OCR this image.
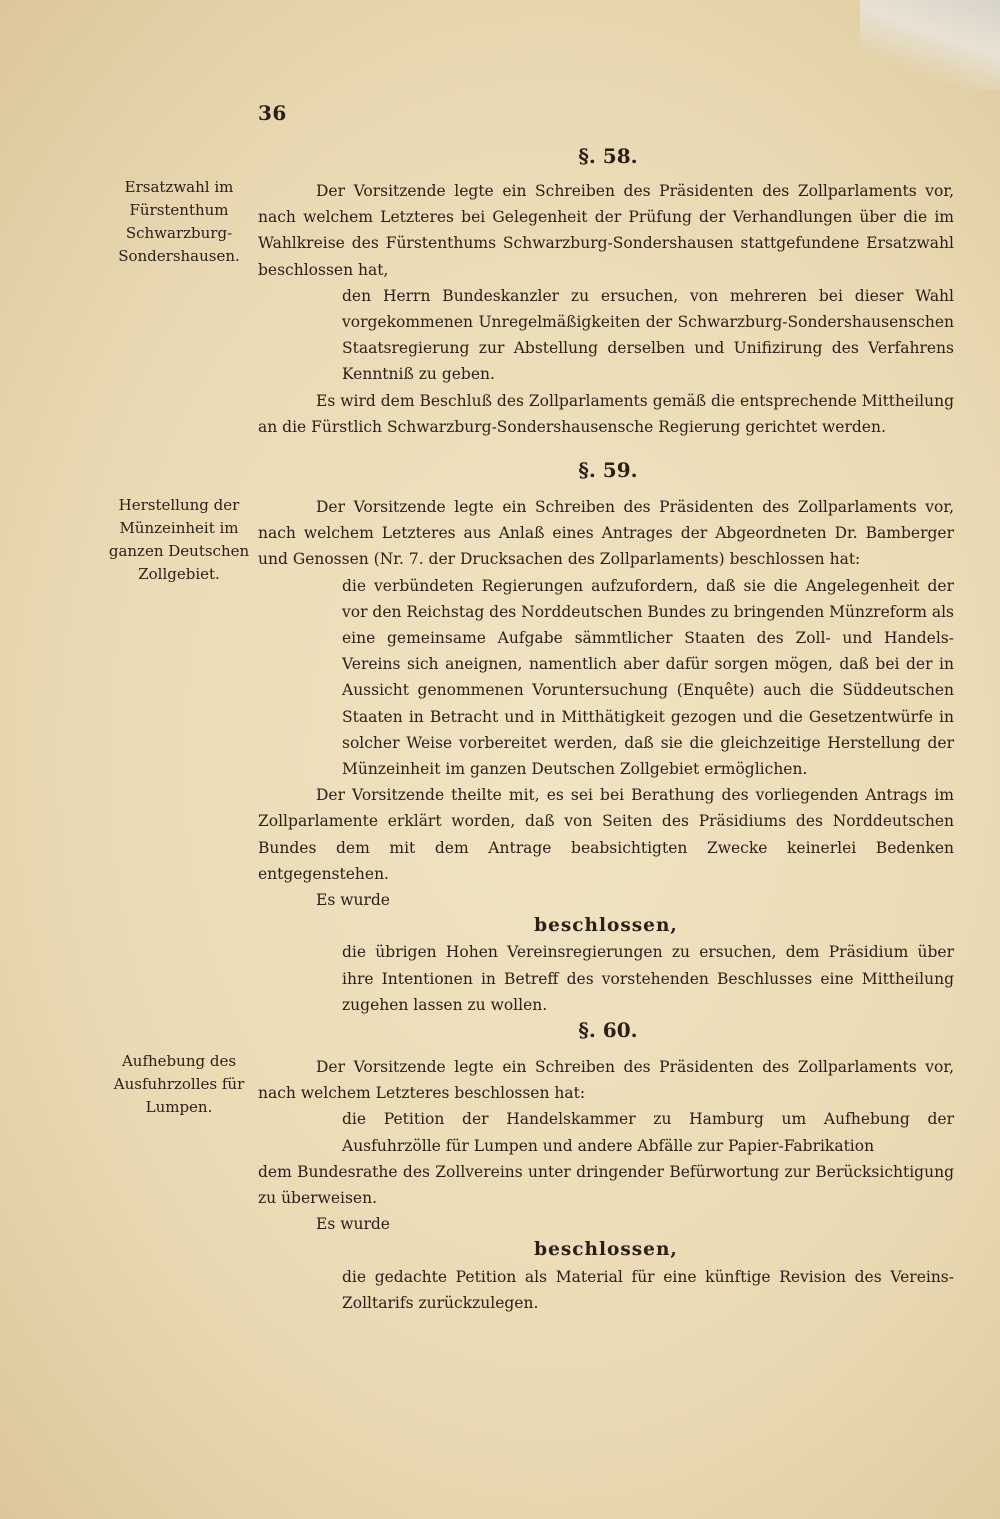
36
§. 58.
Ersatzwahl im
Fürstenthum
Schwarzburg-
Sondershausen.

Der Vorsitzende legte ein Schreiben des Präsidenten des Zollparlaments vor, nach welchem Letzteres bei Gelegenheit der Prüfung der Verhandlungen über die im Wahlkreise des Fürstenthums Schwarzburg-Sondershausen stattgefundene Ersatzwahl beschlossen hat,

den Herrn Bundeskanzler zu ersuchen, von mehreren bei dieser Wahl vorgekommenen Unregelmäßigkeiten der Schwarzburg-Sondershausenschen Staatsregierung zur Abstellung derselben und Unifizirung des Verfahrens Kenntniß zu geben.

Es wird dem Beschluß des Zollparlaments gemäß die entsprechende Mittheilung an die Fürstlich Schwarzburg-Sondershausensche Regierung gerichtet werden.

§. 59.
Herstellung der
Münzeinheit im
ganzen Deutschen
Zollgebiet.

Der Vorsitzende legte ein Schreiben des Präsidenten des Zollparlaments vor, nach welchem Letzteres aus Anlaß eines Antrages der Abgeordneten Dr. Bamberger und Genossen (Nr. 7. der Drucksachen des Zollparlaments) beschlossen hat:

die verbündeten Regierungen aufzufordern, daß sie die Angelegenheit der vor den Reichstag des Norddeutschen Bundes zu bringenden Münzreform als eine gemeinsame Aufgabe sämmtlicher Staaten des Zoll- und Handels-Vereins sich aneignen, namentlich aber dafür sorgen mögen, daß bei der in Aussicht genommenen Voruntersuchung (Enquête) auch die Süddeutschen Staaten in Betracht und in Mitthätigkeit gezogen und die Gesetzentwürfe in solcher Weise vorbereitet werden, daß sie die gleichzeitige Herstellung der Münzeinheit im ganzen Deutschen Zollgebiet ermöglichen.

Der Vorsitzende theilte mit, es sei bei Berathung des vorliegenden Antrags im Zollparlamente erklärt worden, daß von Seiten des Präsidiums des Norddeutschen Bundes dem mit dem Antrage beabsichtigten Zwecke keinerlei Bedenken entgegenstehen.

Es wurde

beschlossen,

die übrigen Hohen Vereinsregierungen zu ersuchen, dem Präsidium über ihre Intentionen in Betreff des vorstehenden Beschlusses eine Mittheilung zugehen lassen zu wollen.

§. 60.
Aufhebung des
Ausfuhrzolles für
Lumpen.

Der Vorsitzende legte ein Schreiben des Präsidenten des Zollparlaments vor, nach welchem Letzteres beschlossen hat:

die Petition der Handelskammer zu Hamburg um Aufhebung der Ausfuhrzölle für Lumpen und andere Abfälle zur Papier-Fabrikation

dem Bundesrathe des Zollvereins unter dringender Befürwortung zur Berücksichtigung zu überweisen.

Es wurde

beschlossen,

die gedachte Petition als Material für eine künftige Revision des Vereins-Zolltarifs zurückzulegen.
